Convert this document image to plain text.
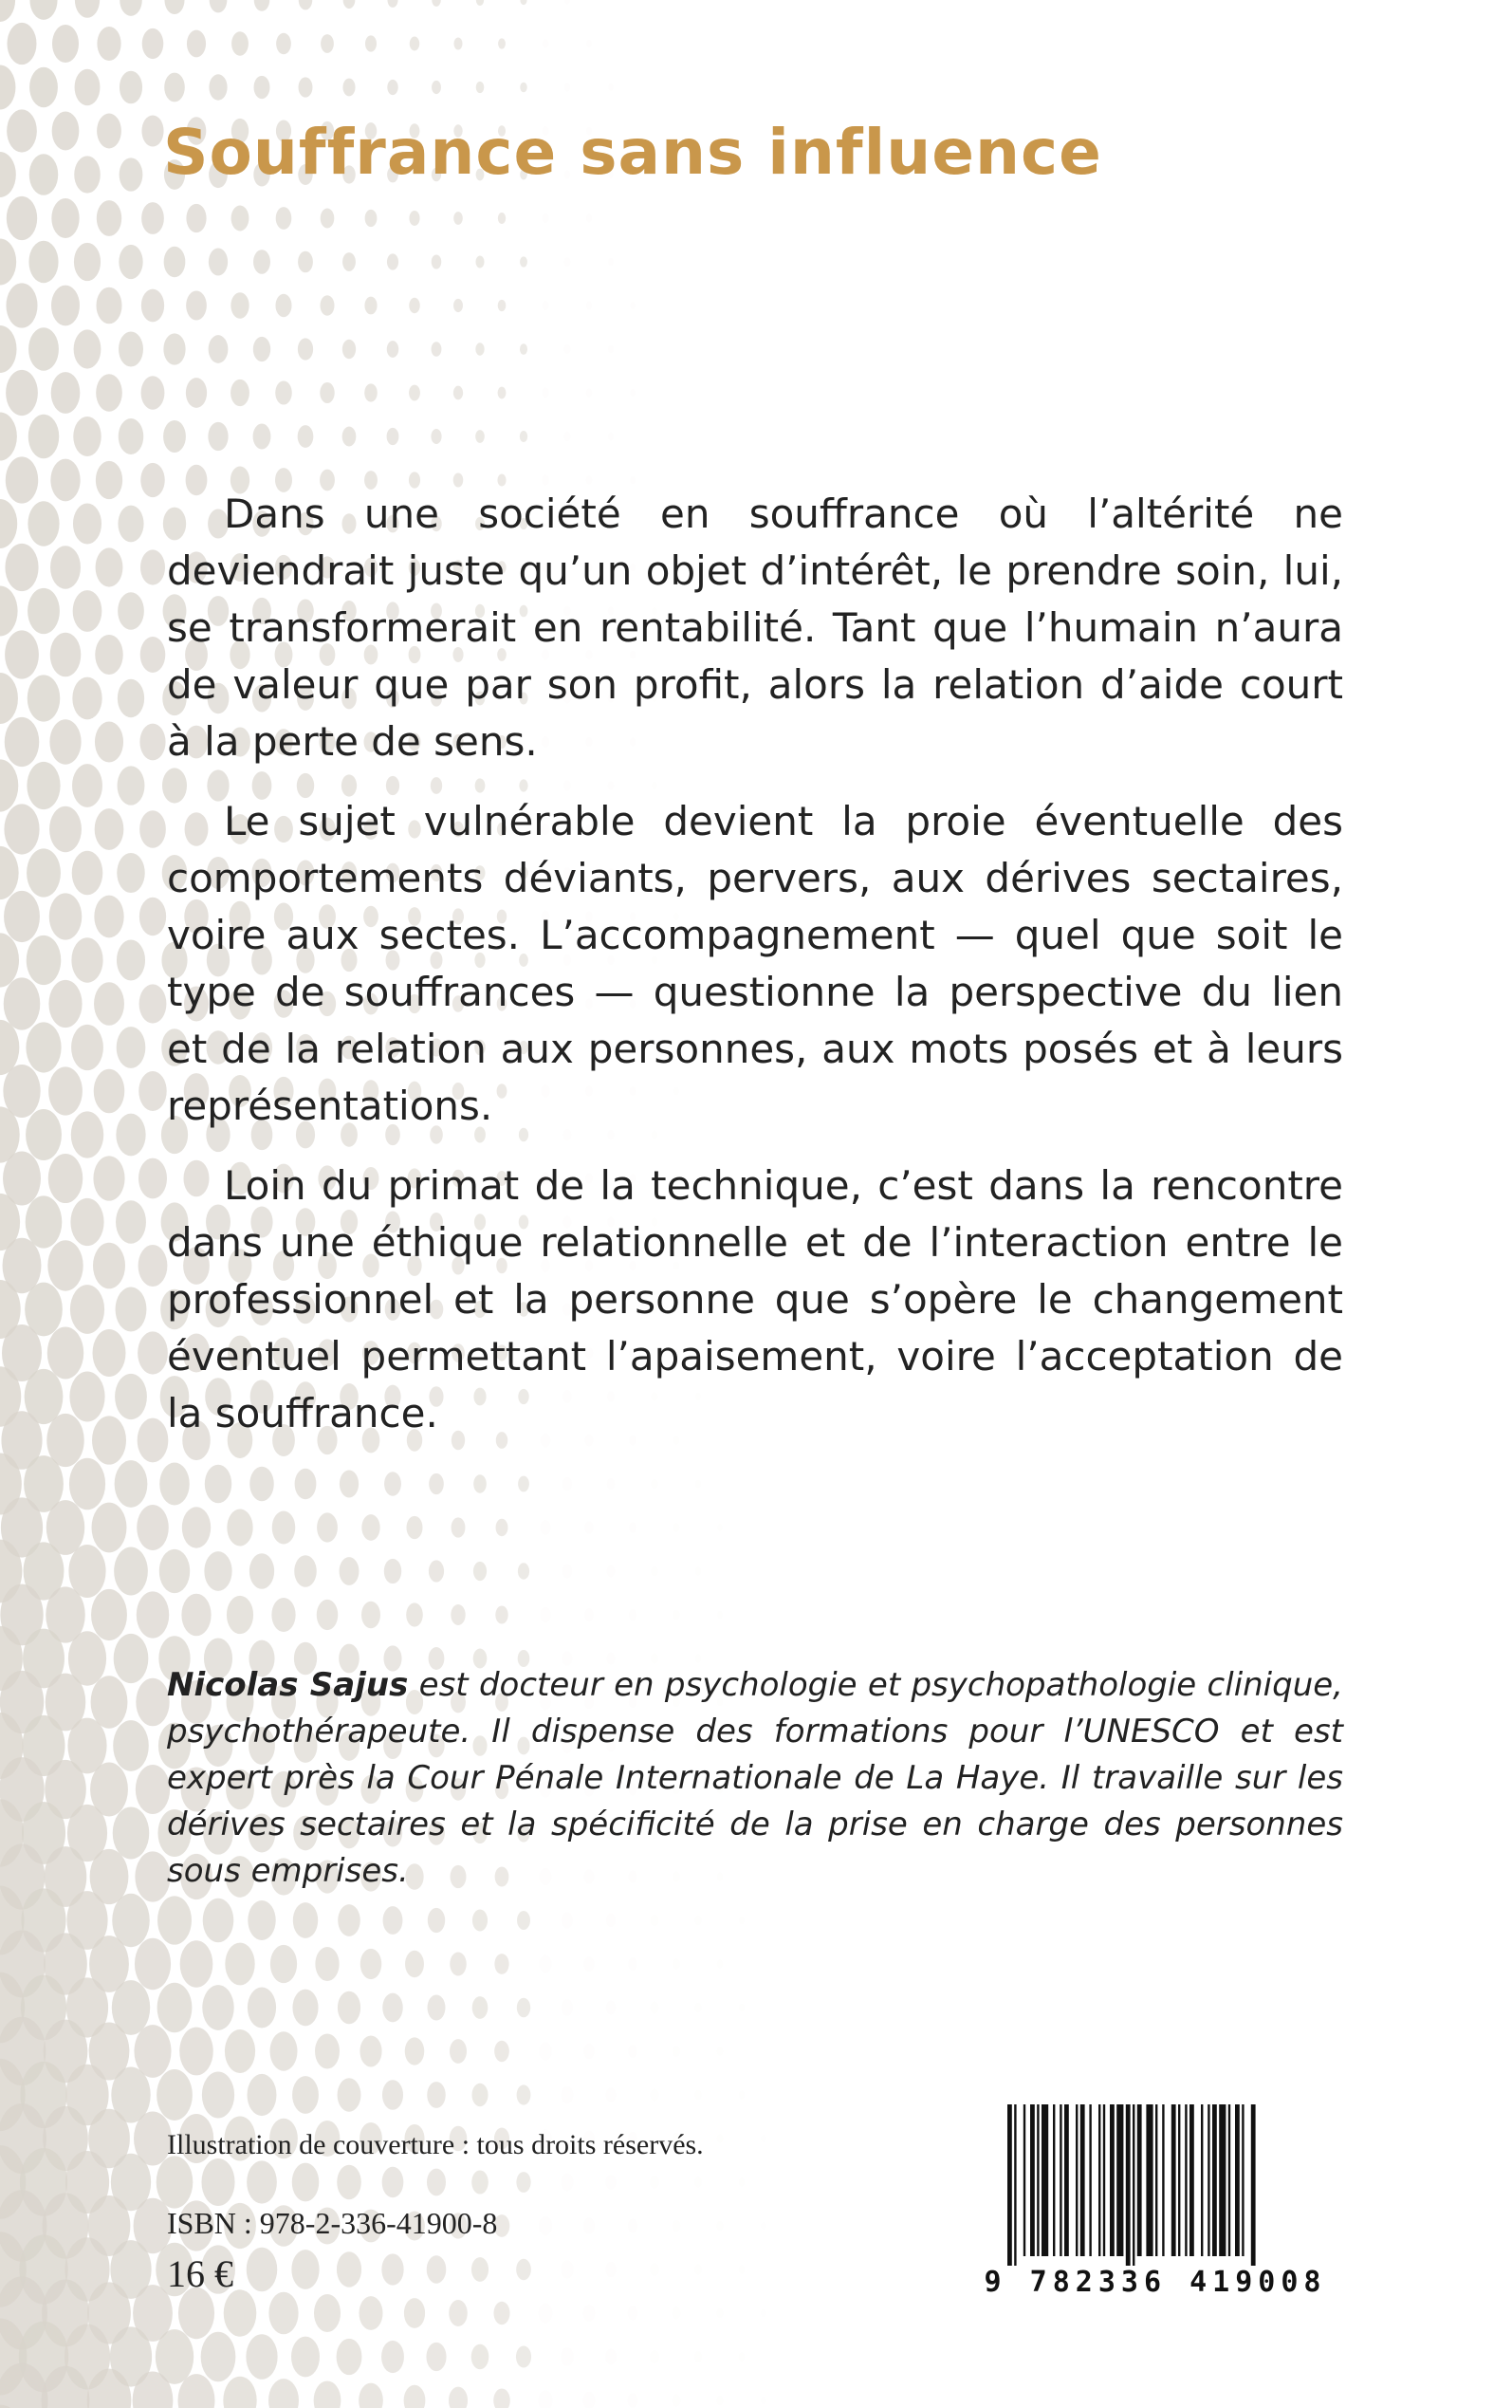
Souffrance sans influence

Dans une société en souffrance où l’altérité ne deviendrait juste qu’un objet d’intérêt, le prendre soin, lui, se transformerait en rentabilité. Tant que l’humain n’aura de valeur que par son profit, alors la relation d’aide court à la perte de sens.

Le sujet vulnérable devient la proie éventuelle des comportements déviants, pervers, aux dérives sectaires, voire aux sectes. L’accompagnement — quel que soit le type de souffrances — questionne la perspective du lien et de la relation aux personnes, aux mots posés et à leurs représentations.

Loin du primat de la technique, c’est dans la rencontre dans une éthique relationnelle et de l’interaction entre le professionnel et la personne que s’opère le changement éventuel permettant l’apaisement, voire l’acceptation de la souffrance.

Nicolas Sajus est docteur en psychologie et psychopathologie clinique, psychothérapeute. Il dispense des formations pour l’UNESCO et est expert près la Cour Pénale Internationale de La Haye. Il travaille sur les dérives sectaires et la spécificité de la prise en charge des personnes sous emprises.
Illustration de couverture : tous droits réservés.
ISBN : 978-2-336-41900-8
16 €	9 782336 419008
